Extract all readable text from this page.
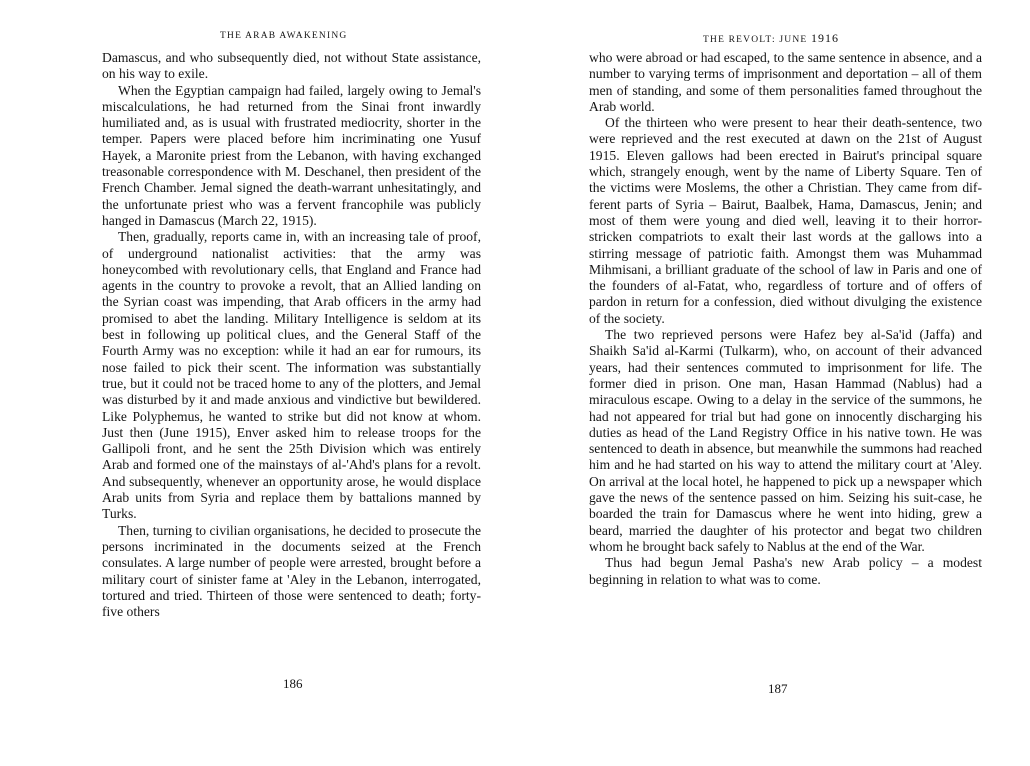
THE ARAB AWAKENING

Damascus, and who subsequently died, not without State assistance, on his way to exile.

When the Egyptian campaign had failed, largely owing to Jemal's miscalculations, he had returned from the Sinai front inwardly humiliated and, as is usual with frustrated mediocrity, shorter in the temper. Papers were placed before him incriminating one Yusuf Hayek, a Maronite priest from the Lebanon, with having exchanged treasonable correspondence with M. Deschanel, then president of the French Chamber. Jemal signed the death-warrant unhesitatingly, and the unfortunate priest who was a fervent francophile was publicly hanged in Damascus (March 22, 1915).

Then, gradually, reports came in, with an increasing tale of proof, of underground nationalist activities: that the army was honeycombed with revolutionary cells, that England and France had agents in the country to provoke a revolt, that an Allied landing on the Syrian coast was impending, that Arab officers in the army had promised to abet the landing. Military Intelligence is seldom at its best in following up political clues, and the General Staff of the Fourth Army was no exception: while it had an ear for rumours, its nose failed to pick their scent. The information was substantially true, but it could not be traced home to any of the plotters, and Jemal was disturbed by it and made anxious and vindictive but bewildered. Like Polyphemus, he wanted to strike but did not know at whom. Just then (June 1915), Enver asked him to release troops for the Gallipoli front, and he sent the 25th Division which was entirely Arab and formed one of the mainstays of al-'Ahd's plans for a revolt. And subsequently, whenever an opportunity arose, he would displace Arab units from Syria and replace them by battalions manned by Turks.

Then, turning to civilian organisations, he decided to prosecute the persons incriminated in the documents seized at the French consulates. A large number of people were arrested, brought before a military court of sinister fame at 'Aley in the Lebanon, interrogated, tortured and tried. Thirteen of those were sentenced to death; forty-five others

186
THE REVOLT: JUNE 1916

who were abroad or had escaped, to the same sentence in absence, and a number to varying terms of imprisonment and deportation – all of them men of standing, and some of them personalities famed throughout the Arab world.

Of the thirteen who were present to hear their death-sentence, two were reprieved and the rest executed at dawn on the 21st of August 1915. Eleven gallows had been erected in Bairut's principal square which, strangely enough, went by the name of Liberty Square. Ten of the victims were Moslems, the other a Christian. They came from different parts of Syria – Bairut, Baalbek, Hama, Damascus, Jenin; and most of them were young and died well, leaving it to their horror-stricken compatriots to exalt their last words at the gallows into a stirring message of patriotic faith. Amongst them was Muhammad Mihmisani, a brilliant graduate of the school of law in Paris and one of the founders of al-Fatat, who, regardless of torture and of offers of pardon in return for a confession, died without divulging the existence of the society.

The two reprieved persons were Hafez bey al-Sa'id (Jaffa) and Shaikh Sa'id al-Karmi (Tulkarm), who, on account of their advanced years, had their sentences commuted to imprisonment for life. The former died in prison. One man, Hasan Hammad (Nablus) had a miraculous escape. Owing to a delay in the service of the summons, he had not appeared for trial but had gone on innocently discharging his duties as head of the Land Registry Office in his native town. He was sentenced to death in absence, but meanwhile the summons had reached him and he had started on his way to attend the military court at 'Aley. On arrival at the local hotel, he happened to pick up a newspaper which gave the news of the sentence passed on him. Seizing his suit-case, he boarded the train for Damascus where he went into hiding, grew a beard, married the daughter of his protector and begat two children whom he brought back safely to Nablus at the end of the War.

Thus had begun Jemal Pasha's new Arab policy – a modest beginning in relation to what was to come.

187
